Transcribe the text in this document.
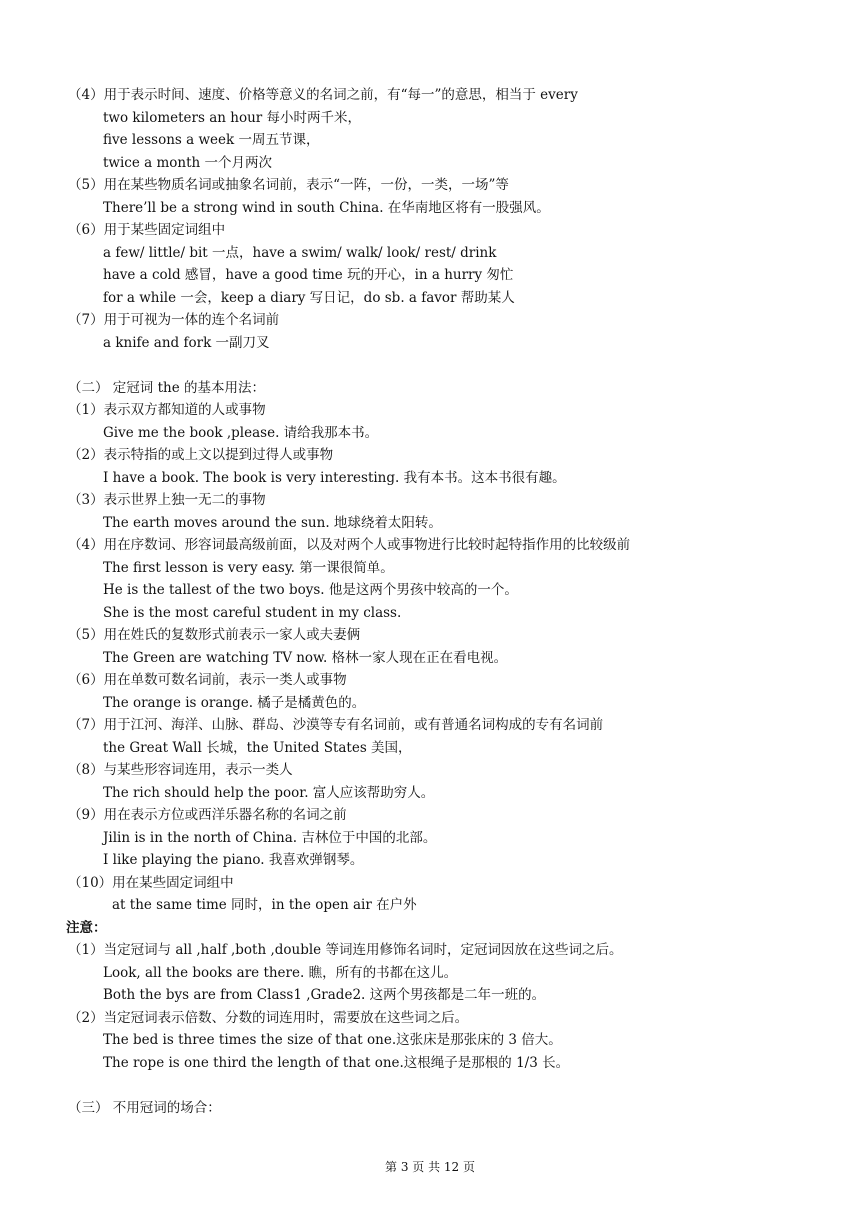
（4）用于表示时间、速度、价格等意义的名词之前，有“每一”的意思，相当于 every
two kilometers an hour 每小时两千米，
five lessons a week 一周五节课，
twice a month 一个月两次
（5）用在某些物质名词或抽象名词前，表示“一阵，一份，一类，一场”等
There’ll be a strong wind in south China. 在华南地区将有一股强风。
（6）用于某些固定词组中
a few/ little/ bit 一点，have a swim/ walk/ look/ rest/ drink
have a cold 感冒，have a good time 玩的开心，in a hurry 匆忙
for a while 一会，keep a diary 写日记，do sb. a favor 帮助某人
（7）用于可视为一体的连个名词前
a knife and fork 一副刀叉
（二） 定冠词 the 的基本用法：
（1）表示双方都知道的人或事物
Give me the book ,please. 请给我那本书。
（2）表示特指的或上文以提到过得人或事物
I have a book. The book is very interesting. 我有本书。这本书很有趣。
（3）表示世界上独一无二的事物
The earth moves around the sun. 地球绕着太阳转。
（4）用在序数词、形容词最高级前面，以及对两个人或事物进行比较时起特指作用的比较级前
The first lesson is very easy. 第一课很简单。
He is the tallest of the two boys. 他是这两个男孩中较高的一个。
She is the most careful student in my class.
（5）用在姓氏的复数形式前表示一家人或夫妻俩
The Green are watching TV now. 格林一家人现在正在看电视。
（6）用在单数可数名词前，表示一类人或事物
The orange is orange. 橘子是橘黄色的。
（7）用于江河、海洋、山脉、群岛、沙漠等专有名词前，或有普通名词构成的专有名词前
the Great Wall 长城，the United States 美国，
（8）与某些形容词连用，表示一类人
The rich should help the poor. 富人应该帮助穷人。
（9）用在表示方位或西洋乐器名称的名词之前
Jilin is in the north of China. 吉林位于中国的北部。
I like playing the piano. 我喜欢弹钢琴。
（10）用在某些固定词组中
at the same time 同时，in the open air 在户外
注意：
（1）当定冠词与 all ,half ,both ,double 等词连用修饰名词时，定冠词因放在这些词之后。
Look, all the books are there. 瞧，所有的书都在这儿。
Both the bys are from Class1 ,Grade2. 这两个男孩都是二年一班的。
（2）当定冠词表示倍数、分数的词连用时，需要放在这些词之后。
The bed is three times the size of that one.这张床是那张床的 3 倍大。
The rope is one third the length of that one.这根绳子是那根的 1/3 长。
（三） 不用冠词的场合：
第 3 页 共 12 页
